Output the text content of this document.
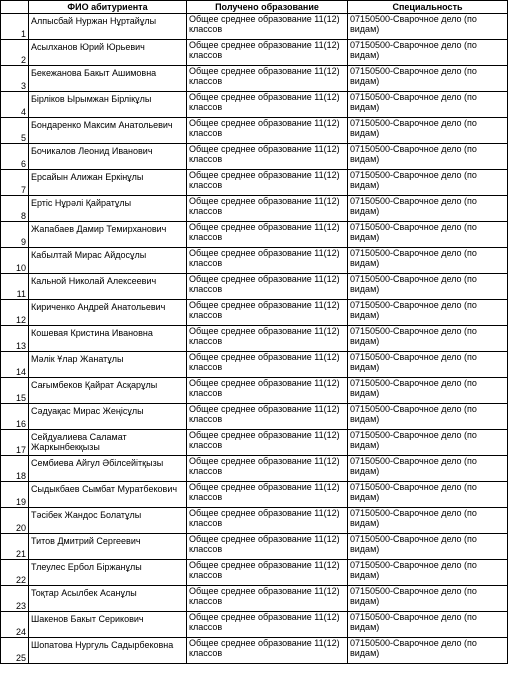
	ФИО абитуриента	Получено образование	Специальность
1	Алпысбай Нуржан Нұртайұлы	Общее среднее образование 11(12) классов	07150500-Сварочное дело (по видам)
2	Асылханов Юрий Юрьевич	Общее среднее образование 11(12) классов	07150500-Сварочное дело (по видам)
3	Бекежанова Бакыт Ашимовна	Общее среднее образование 11(12) классов	07150500-Сварочное дело (по видам)
4	Бірліков Ырымжан Бірлікұлы	Общее среднее образование 11(12) классов	07150500-Сварочное дело (по видам)
5	Бондаренко Максим Анатольевич	Общее среднее образование 11(12) классов	07150500-Сварочное дело (по видам)
6	Бочикалов Леонид Иванович	Общее среднее образование 11(12) классов	07150500-Сварочное дело (по видам)
7	Ерсайын Алижан Еркінұлы	Общее среднее образование 11(12) классов	07150500-Сварочное дело (по видам)
8	Ертіс Нұрәлі Қайратұлы	Общее среднее образование 11(12) классов	07150500-Сварочное дело (по видам)
9	Жапабаев Дамир Темирханович	Общее среднее образование 11(12) классов	07150500-Сварочное дело (по видам)
10	Кабылтай Мирас Айдосұлы	Общее среднее образование 11(12) классов	07150500-Сварочное дело (по видам)
11	Кальной Николай Алексеевич	Общее среднее образование 11(12) классов	07150500-Сварочное дело (по видам)
12	Кириченко Андрей Анатольевич	Общее среднее образование 11(12) классов	07150500-Сварочное дело (по видам)
13	Кошевая Кристина Ивановна	Общее среднее образование 11(12) классов	07150500-Сварочное дело (по видам)
14	Мәлік Ұлар Жанатұлы	Общее среднее образование 11(12) классов	07150500-Сварочное дело (по видам)
15	Сағымбеков Қайрат Асқарұлы	Общее среднее образование 11(12) классов	07150500-Сварочное дело (по видам)
16	Сәдуақас Мирас Жеңісұлы	Общее среднее образование 11(12) классов	07150500-Сварочное дело (по видам)
17	Сейдуалиева Саламат Жаркынбекқызы	Общее среднее образование 11(12) классов	07150500-Сварочное дело (по видам)
18	Сембиева Айгул Әбілсейітқызы	Общее среднее образование 11(12) классов	07150500-Сварочное дело (по видам)
19	Сыдыкбаев Сымбат Муратбекович	Общее среднее образование 11(12) классов	07150500-Сварочное дело (по видам)
20	Тәсібек Жандос Болатұлы	Общее среднее образование 11(12) классов	07150500-Сварочное дело (по видам)
21	Титов Дмитрий Сергеевич	Общее среднее образование 11(12) классов	07150500-Сварочное дело (по видам)
22	Тлеулес Ербол Біржанұлы	Общее среднее образование 11(12) классов	07150500-Сварочное дело (по видам)
23	Тоқтар Асылбек Асанұлы	Общее среднее образование 11(12) классов	07150500-Сварочное дело (по видам)
24	Шакенов Бакыт Серикович	Общее среднее образование 11(12) классов	07150500-Сварочное дело (по видам)
25	Шопатова Нургуль Садырбековна	Общее среднее образование 11(12) классов	07150500-Сварочное дело (по видам)
